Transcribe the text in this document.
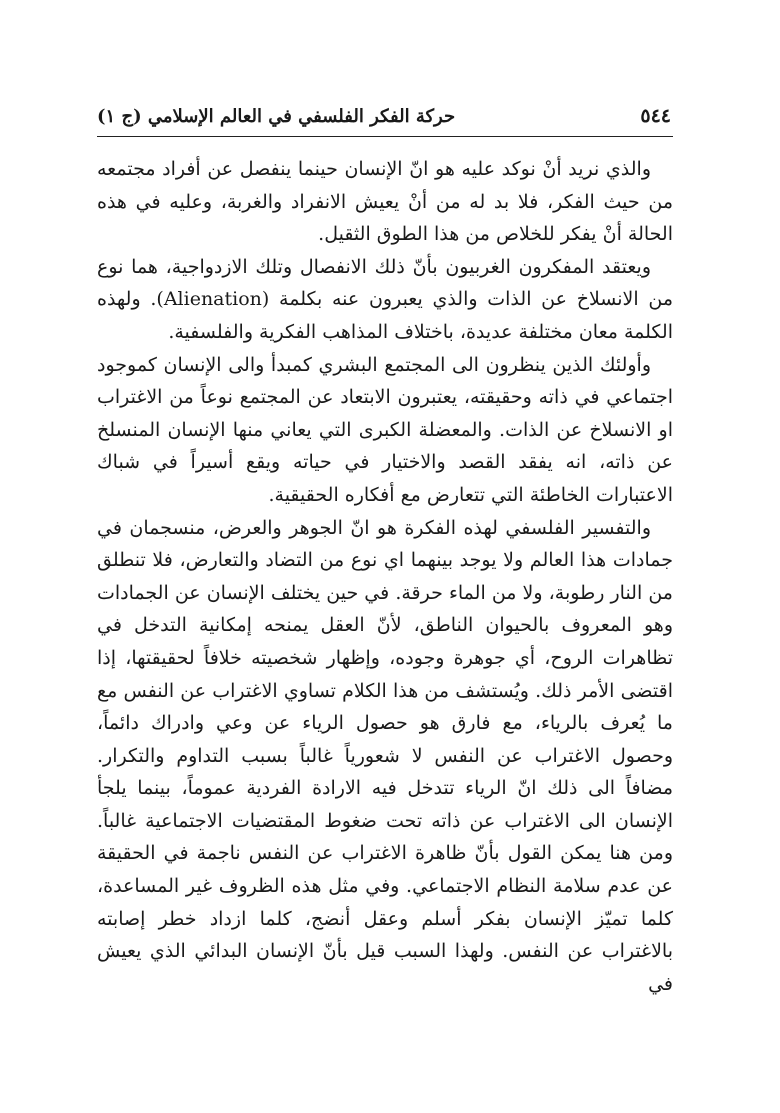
حركة الفكر الفلسفي في العالم الإسلامي (ج ١)	٥٤٤

والذي نريد أنْ نوكد عليه هو انّ الإنسان حينما ينفصل عن أفراد مجتمعه من حيث الفكر، فلا بد له من أنْ يعيش الانفراد والغربة، وعليه في هذه الحالة أنْ يفكر للخلاص من هذا الطوق الثقيل.

ويعتقد المفكرون الغربيون بأنّ ذلك الانفصال وتلك الازدواجية، هما نوع من الانسلاخ عن الذات والذي يعبرون عنه بكلمة (Alienation). ولهذه الكلمة معان مختلفة عديدة، باختلاف المذاهب الفكرية والفلسفية.

وأولئك الذين ينظرون الى المجتمع البشري كمبدأ والى الإنسان كموجود اجتماعي في ذاته وحقيقته، يعتبرون الابتعاد عن المجتمع نوعاً من الاغتراب او الانسلاخ عن الذات. والمعضلة الكبرى التي يعاني منها الإنسان المنسلخ عن ذاته، انه يفقد القصد والاختيار في حياته ويقع أسيراً في شباك الاعتبارات الخاطئة التي تتعارض مع أفكاره الحقيقية.

والتفسير الفلسفي لهذه الفكرة هو انّ الجوهر والعرض، منسجمان في جمادات هذا العالم ولا يوجد بينهما اي نوع من التضاد والتعارض، فلا تنطلق من النار رطوبة، ولا من الماء حرقة. في حين يختلف الإنسان عن الجمادات وهو المعروف بالحيوان الناطق، لأنّ العقل يمنحه إمكانية التدخل في تظاهرات الروح، أي جوهرة وجوده، وإظهار شخصيته خلافاً لحقيقتها، إذا اقتضى الأمر ذلك. ويُستشف من هذا الكلام تساوي الاغتراب عن النفس مع ما يُعرف بالرياء، مع فارق هو حصول الرياء عن وعي وادراك دائماً، وحصول الاغتراب عن النفس لا شعورياً غالباً بسبب التداوم والتكرار. مضافاً الى ذلك انّ الرياء تتدخل فيه الارادة الفردية عموماً، بينما يلجأ الإنسان الى الاغتراب عن ذاته تحت ضغوط المقتضيات الاجتماعية غالباً. ومن هنا يمكن القول بأنّ ظاهرة الاغتراب عن النفس ناجمة في الحقيقة عن عدم سلامة النظام الاجتماعي. وفي مثل هذه الظروف غير المساعدة، كلما تميّز الإنسان بفكر أسلم وعقل أنضج، كلما ازداد خطر إصابته بالاغتراب عن النفس. ولهذا السبب قيل بأنّ الإنسان البدائي الذي يعيش في
